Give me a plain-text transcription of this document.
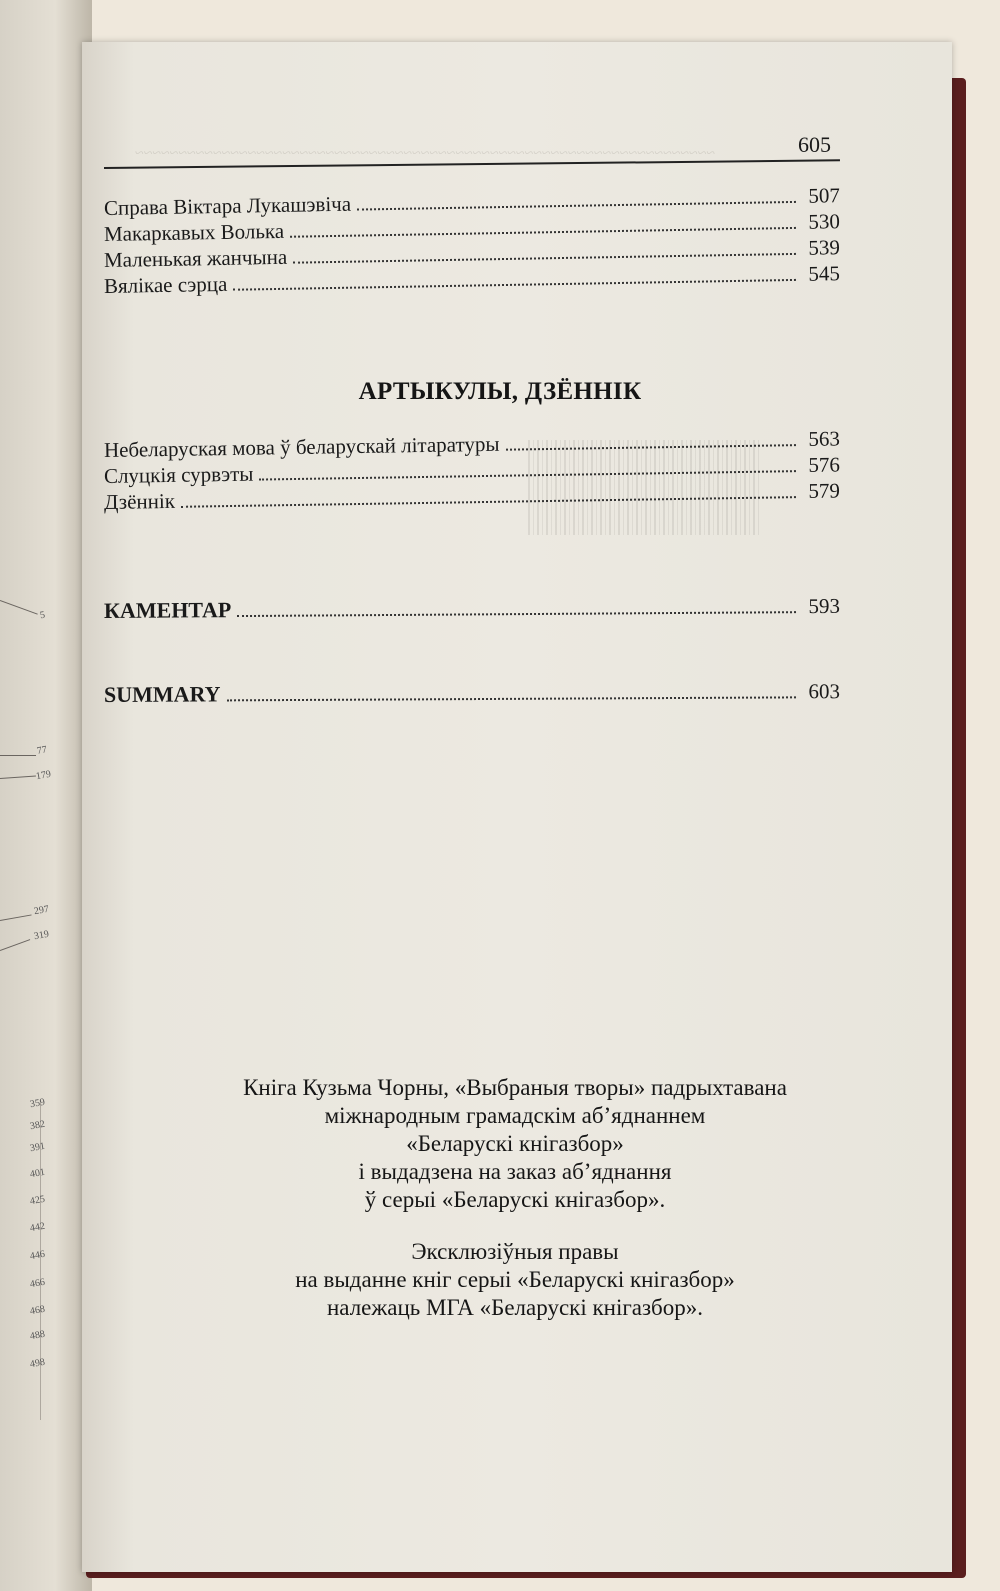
5
77
179
297
319
359
382
391
401
425
442
446
466
468
488
498
~~~~~~~~~~~~~~~~~~~~~~~~~~~~~~~~~~~~~~~~~~~~~~~~~~~~~~~~~~~~~~~~~~~	605
Справа Віктара Лукашэвіча	507
Макаркавых Волька	530
Маленькая жанчына	539
Вялікае сэрца	545
АРТЫКУЛЫ, ДЗЁННІК
Небеларуская мова ў беларускай літаратуры	563
Слуцкія сурвэты	576
Дзённік	579
КАМЕНТАР	593
SUMMARY	603
Кніга Кузьма Чорны, «Выбраныя творы» падрыхтавана
міжнародным грамадскім аб’яднаннем
«Беларускі кнігазбор»
і выдадзена на заказ аб’яднання
ў серыі «Беларускі кнігазбор».
Эксклюзіўныя правы
на выданне кніг серыі «Беларускі кнігазбор»
належаць МГА «Беларускі кнігазбор».
